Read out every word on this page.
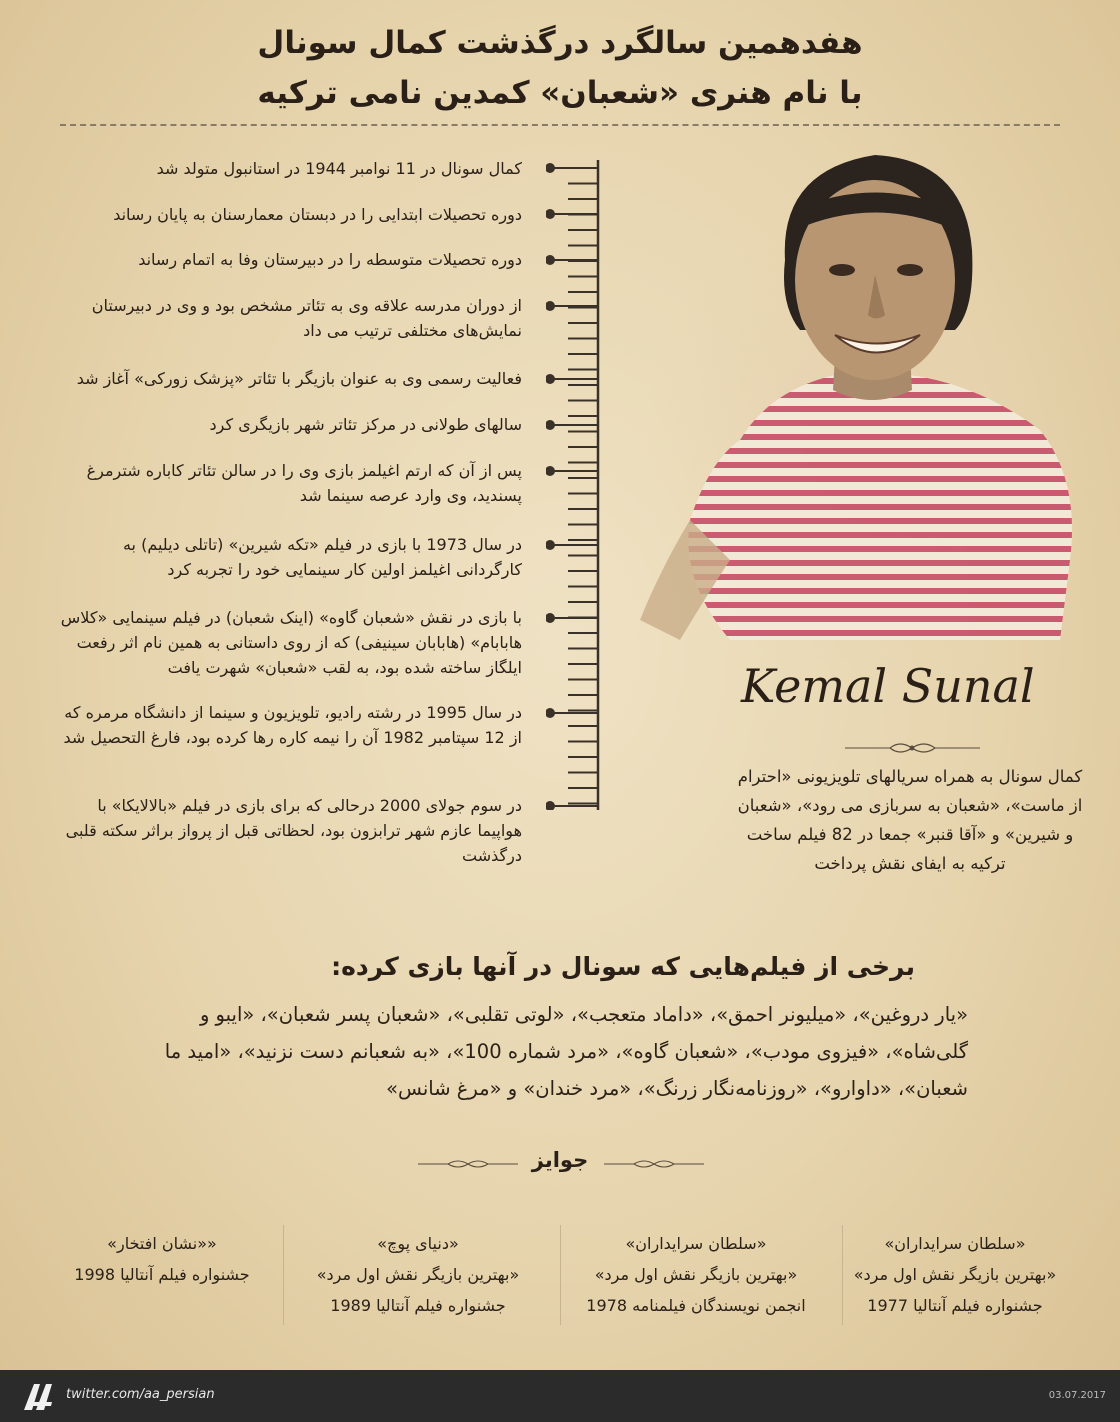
هفدهمین سالگرد درگذشت کمال سونال
با نام هنری «شعبان» کمدین نامی ترکیه
کمال سونال در 11 نوامبر 1944 در استانبول متولد شد
دوره تحصیلات ابتدایی را در دبستان معمارسنان به پایان رساند
دوره تحصیلات متوسطه را در دبیرستان وفا به اتمام رساند
از دوران مدرسه علاقه وی به تئاتر مشخص بود و وی در دبیرستان نمایش‌های مختلفی ترتیب می داد
فعالیت رسمی وی به عنوان بازیگر با تئاتر «پزشک زورکی» آغاز شد
سالهای طولانی در مرکز تئاتر شهر بازیگری کرد
پس از آن که ارتم اغیلمز بازی وی را در سالن تئاتر کاباره شترمرغ پسندید، وی وارد عرصه سینما شد
در سال 1973 با بازی در فیلم «تکه شیرین» (تاتلی دیلیم) به کارگردانی اغیلمز اولین کار سینمایی خود را تجربه کرد
با بازی در نقش «شعبان گاوه» (اینک شعبان) در فیلم سینمایی «کلاس هابابام» (هابابان سینیفی) که از روی داستانی به همین نام اثر رفعت ایلگاز ساخته شده بود، به لقب «شعبان» شهرت یافت
در سال 1995 در رشته رادیو، تلویزیون و سینما از دانشگاه مرمره که از 12 سپتامبر 1982 آن را نیمه کاره رها کرده بود، فارغ التحصیل شد
در سوم جولای 2000 درحالی که برای بازی در فیلم «بالالایکا» با هواپیما عازم شهر ترابزون بود، لحظاتی قبل از پرواز براثر سکته قلبی درگذشت
Kemal Sunal
کمال سونال به همراه سریالهای تلویزیونی «احترام از ماست»، «شعبان به سربازی می رود»، «شعبان و شیرین» و «آقا قنبر» جمعا در 82 فیلم ساخت ترکیه به ایفای نقش پرداخت
برخی از فیلم‌هایی که سونال در آنها بازی کرده:
«یار دروغین»، «میلیونر احمق»، «داماد متعجب»، «لوتی تقلبی»، «شعبان پسر شعبان»، «ایبو و گلی‌شاه»، «فیزوی مودب»، «شعبان گاوه»، «مرد شماره 100»، «به شعبانم دست نزنید»، «امید ما شعبان»، «داوارو»، «روزنامه‌نگار زرنگ»، «مرد خندان» و «مرغ شانس»
جوایز
«سلطان سرایداران»
«بهترین بازیگر نقش اول مرد»
جشنواره فیلم آنتالیا 1977
«سلطان سرایداران»
«بهترین بازیگر نقش اول مرد»
انجمن نویسندگان فیلمنامه 1978
«دنیای پوچ»
«بهترین بازیگر نقش اول مرد»
جشنواره فیلم آنتالیا 1989
««نشان افتخار»
جشنواره فیلم آنتالیا 1998
twitter.com/aa_persian	03.07.2017
